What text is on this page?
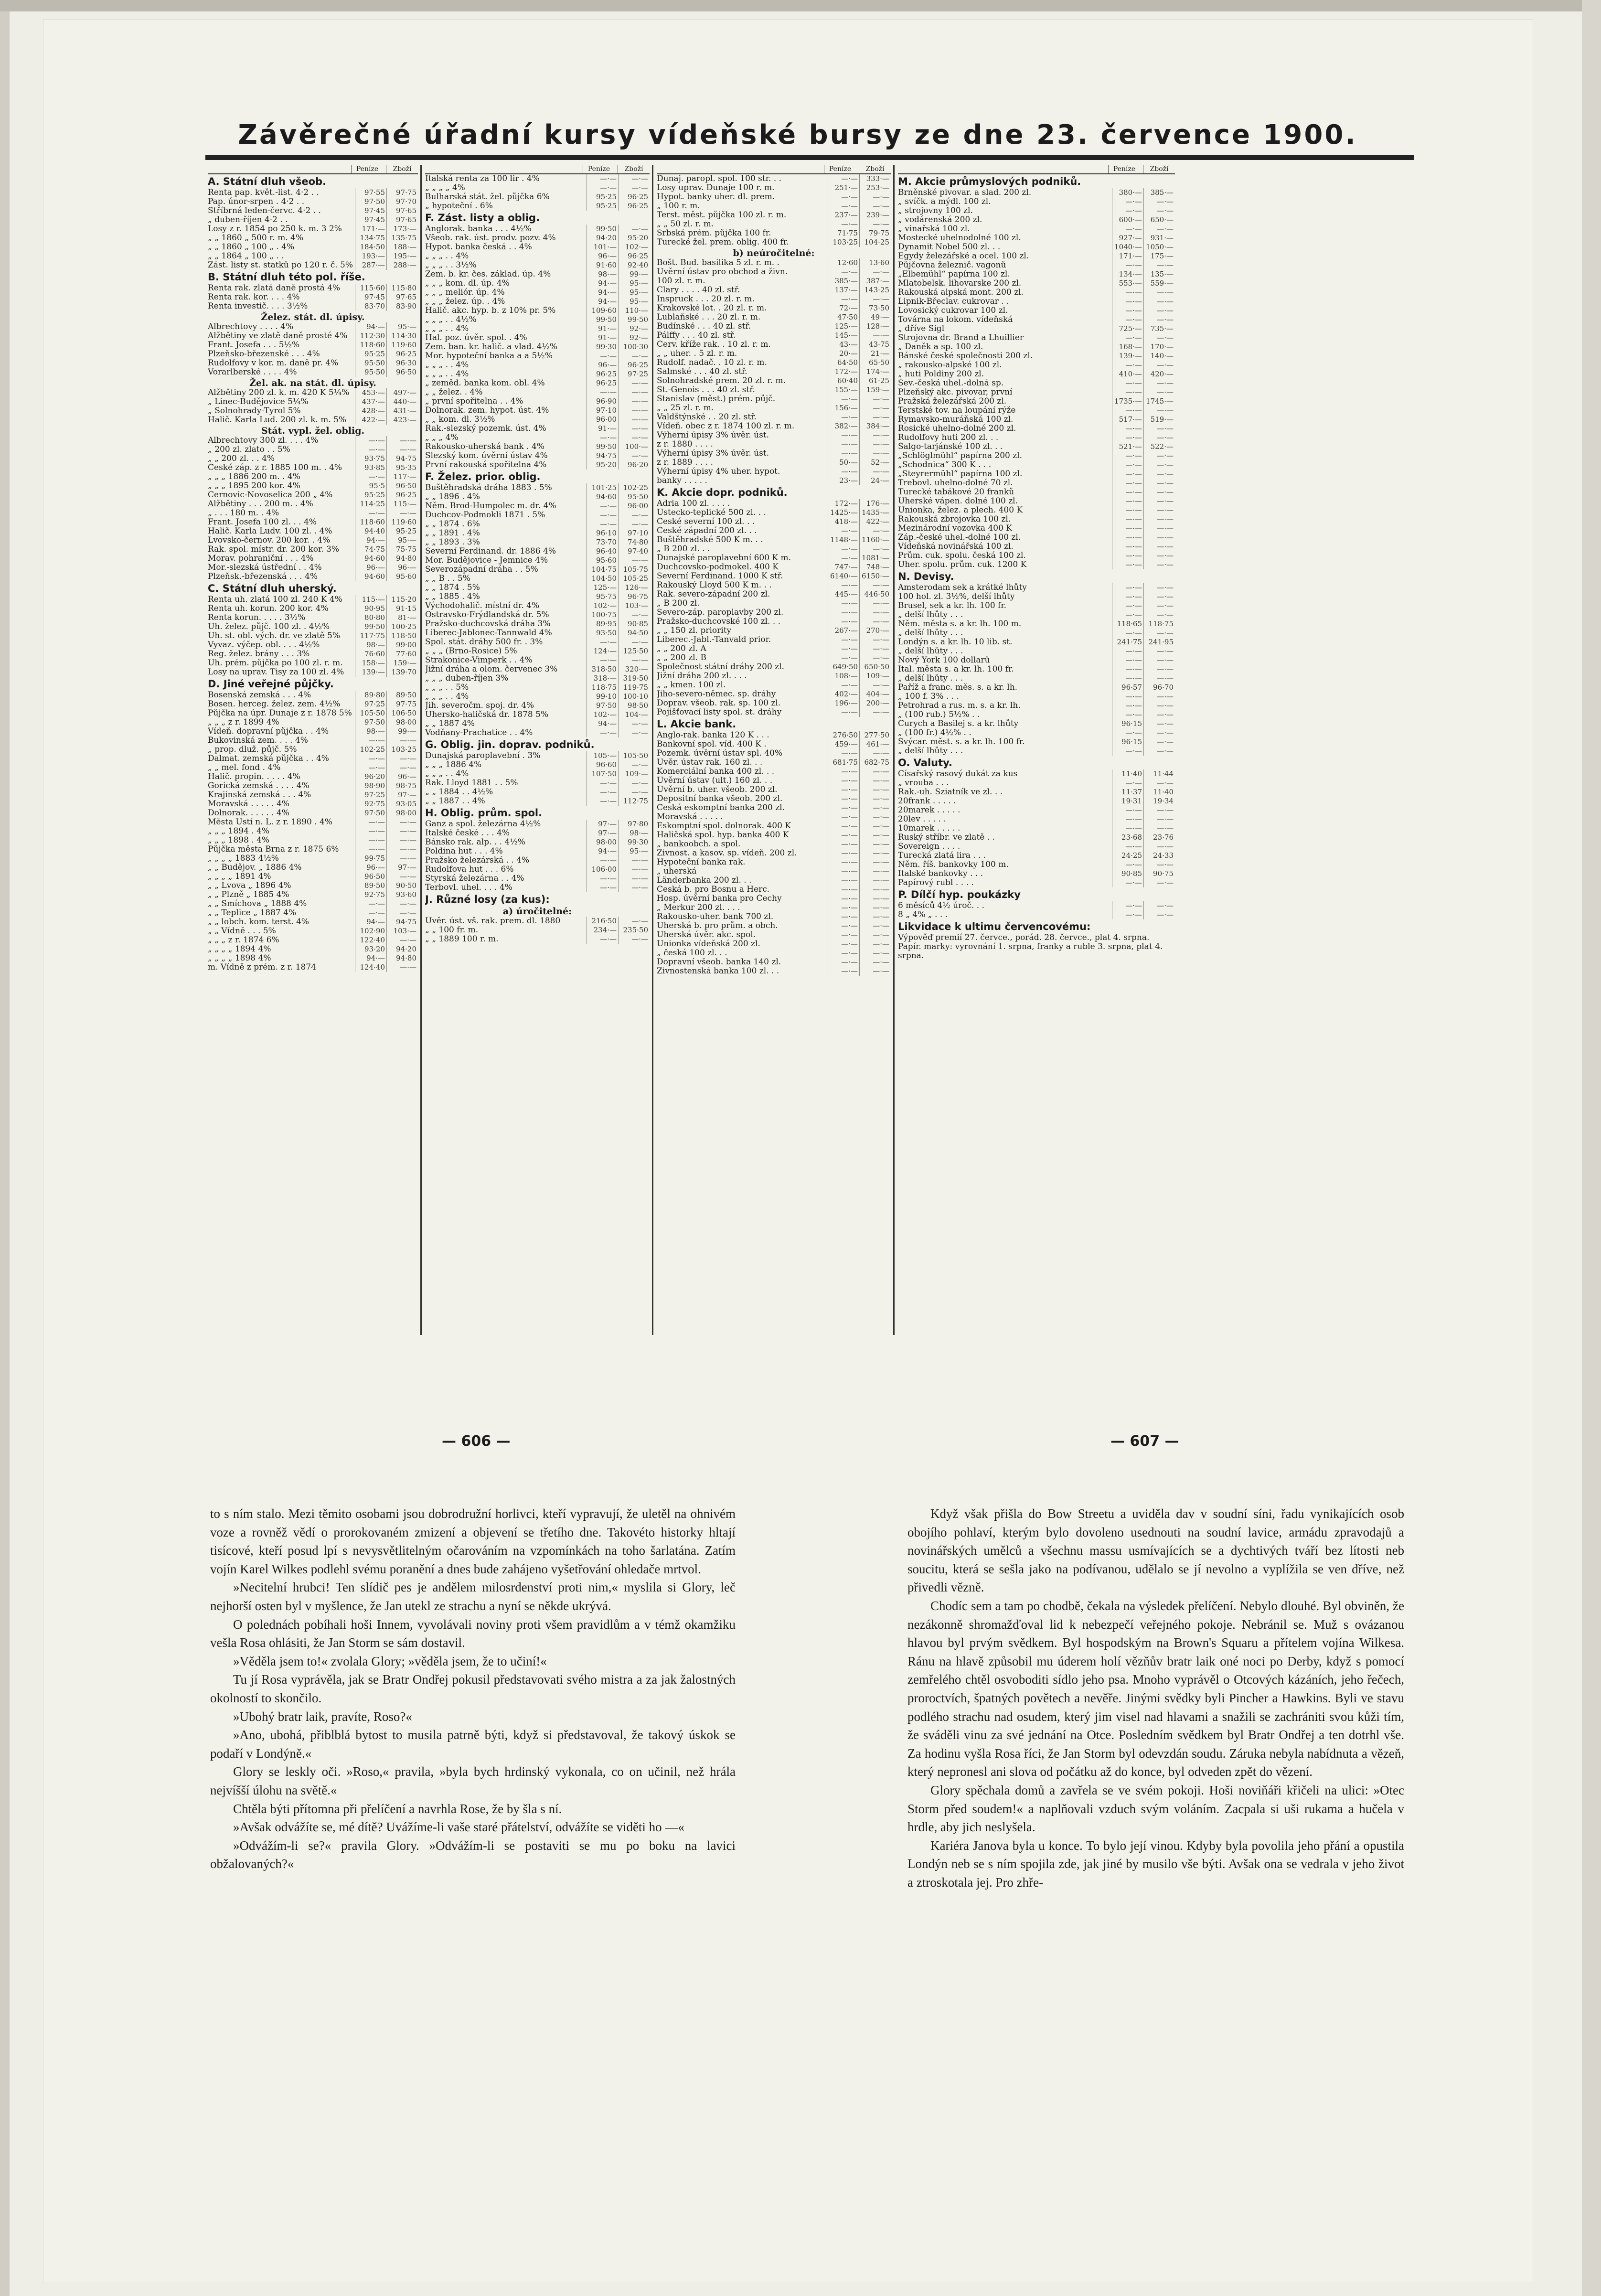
Závěrečné úřadní kursy vídeňské bursy ze dne 23. července 1900.
Peníze	Zboží
A. Státní dluh všeob.
Renta pap. květ.-list. 4·2 . .	97·55	97·75
Pap. únor-srpen . 4·2 . .	97·50	97·70
Stříbrná leden-červc. 4·2 . .	97·45	97·65
„ duben-říjen 4·2 . .	97·45	97·65
Losy z r. 1854 po 250 k. m. 3 2%	171·—	173·—
„ „ 1860 „ 500 r. m. 4%	134·75 135·75
„ „ 1860 „ 100 „ . 4%	184·50	188·—
„ „ 1864 „ 100 „ . .	193·—	195·—
Zást. listy st. statků po 120 r. č. 5%	287·—	288·—
B. Státní dluh této pol. říše.
Renta rak. zlatá daně prostá 4%	115·60 115·80
Renta rak. kor. . . . 4%	97·45	97·65
Renta investič. . . . 3½%	83·70	83·90
Želez. stát. dl. úpisy.
Albrechtovy . . . . 4%	94·—	95·—
Alžbětiny ve zlatě daně prosté 4%	112·30 114·30
Frant. Josefa . . . 5½%	118·60 119·60
Plzeňsko-březenské . . . 4%	95·25	96·25
Rudolfovy v kor. m. daně pr. 4%	95·50	96·30
Vorarlberské . . . . 4%	95·50	96·50
Žel. ak. na stát. dl. úpisy.
Alžbětiny 200 zl. k. m. 420 K 5¼%	453·—	497·—
„ Linec-Budějovice 5¼%	437·—	440·—
„ Solnohrady-Tyrol 5%	428·—	431·—
Halič. Karla Lud. 200 zl. k. m. 5%	422·—	423·—
Stát. vypl. žel. oblig.
Albrechtovy 300 zl. . . . 4%	—·—	—·—
„ 200 zl. zlato . . 5%	—·—	—·—
„ „ 200 zl. . . 4%	93·75	94·75
České záp. z r. 1885 100 m. . 4%	93·85	95·35
„ „ „ 1886 200 m. . 4%	—·—	117·—
„ „ „ 1895 200 kor. 4%	95·5	96·50
Černovic-Novoselica 200 „ 4%	95·25	96·25
Alžbětiny . . . 200 m. . 4%	114·25	115·—
„ . . . 180 m. . 4%	—·—	—·—
Frant. Josefa 100 zl. . . 4%	118·60 119·60
Halič. Karla Ludv. 100 zl. . 4%	94·40	95·25
Lvovsko-černov. 200 kor. . 4%	94·—	95·—
Rak. spol. místr. dr. 200 kor. 3%	74·75	75·75
Morav. pohraniční . . . 4%	94·60	94·80
Mor.-slezská ústřední . . 4%	96·—	96·—
Plzeňsk.-březenská . . . 4%	94·60	95·60
C. Státní dluh uherský.
Renta uh. zlatá 100 zl. 240 K 4%	115·— 115·20
Renta uh. korun. 200 kor. 4%	90·95	91·15
Renta korun. . . . . 3½%	80·80	81·—
Uh. želez. půjč. 100 zl. . 4½%	99·50 100·25
Uh. st. obl. vých. dr. ve zlatě 5%	117·75 118·50
Vyvaz. výčep. obl. . . . 4½%	98·—	99·00
Reg. želez. brány . . . 3%	76·60	77·60
Uh. prém. půjčka po 100 zl. r. m.	158·—	159·—
Losy na uprav. Tisy za 100 zl. 4%	139·— 139·70
D. Jiné veřejné půjčky.
Bosenská zemská . . . 4%	89·80	89·50
Bosen. herceg. želez. zem. 4½%	97·25	97·75
Půjčka na úpr. Dunaje z r. 1878 5%	105·50 106·50
„ „ „ z r. 1899 4%	97·50	98·00
Vídeň. dopravní půjčka . . 4%	98·—	99·—
Bukovinská zem. . . . 4%	—·—	—·—
„ prop. dluž. půjč. 5%	102·25 103·25
Dalmat. zemská půjčka . . 4%	—·—	—·—
„ „ mel. fond . 4%	—·—	—·—
Halič. propin. . . . . 4%	96·20	96·—
Gorická zemská . . . . 4%	98·90	98·75
Krajinská zemská . . . 4%	97·25	97·—
Moravská . . . . . 4%	92·75	93·05
Dolnorak. . . . . . 4%	97·50	98·00
Města Ústí n. L. z r. 1890 . 4%	—·—	—·—
„ „ „ 1894 . 4%	—·—	—·—
„ „ „ 1898 . 4%	—·—	—·—
Půjčka města Brna z r. 1875 6%	—·—	—·—
„ „ „ „ 1883 4½%	99·75	—·—
„ „ Budějov. „ 1886 4%	96·—	97·—
„ „ „ „ 1891 4%	96·50	—·—
„ „ Lvova „ 1896 4%	89·50	90·50
„ „ Plzně „ 1885 4%	92·75	93·60
„ „ Smíchova „ 1888 4%	—·—	—·—
„ „ Teplice „ 1887 4%	—·—	—·—
„ „ lobch. kom. terst. 4%	94·—	94·75
„ „ Vídně . . . 5%	102·90	103·—
„ „ „ z r. 1874 6%	122·40	—·—
„ „ „ „ 1894 4%	93·20	94·20
„ „ „ „ 1898 4%	94·—	94·80
m. Vídně z prém. z r. 1874	124·40	—·—
Peníze	Zboží
Italská renta za 100 lir . 4%	—·—	—·—
„ „ „ „ 4%	—·—	—·—
Bulharská stát. žel. půjčka 6%	95·25	96·25
„ hypoteční . 6%	95·25	96·25
F. Zást. listy a oblig.
Anglorak. banka . . . 4½%	99·50	—·—
Všeob. rak. úst. prodv. pozv. 4%	94·20	95·20
Hypot. banka česká . . 4%	101·—	102·—
„ „ „ . . 4%	96·—	96·25
„ „ „ . . 3½%	91·60	92·40
Zem. b. kr. čes. základ. úp. 4%	98·—	99·—
„ „ „ kom. dl. úp. 4%	94·—	95·—
„ „ „ meliór. úp. 4%	94·—	95·—
„ „ „ želez. úp. . 4%	94·—	95·—
Halič. akc. hyp. b. z 10% pr. 5%	109·60	110·—
„ „ „ . . 4½%	99·50	99·50
„ „ „ . . 4%	91·—	92·—
Hal. poz. úvěr. spol. . 4%	91·—	92·—
Zem. ban. kr. halič. a vlad. 4½%	99·30 100·30
Mor. hypoteční banka a a 5½%	—·—	—·—
„ „ „ . . 4%	96·—	96·25
„ „ „ . . 4%	96·25	97·25
„ zeměd. banka kom. obl. 4%	96·25	—·—
„ „ želez. . 4%	—·—	—·—
„ první spořitelna . . 4%	96·90	—·—
Dolnorak. zem. hypot. úst. 4%	97·10	—·—
„ „ kom. dl. 3½%	96·00	—·—
Rak.-slezský pozemk. úst. 4%	91·—	—·—
„ „ „ 4%	—·—	—·—
Rakousko-uherská bank . 4%	99·50	100·—
Slezský kom. úvěrní ústav 4%	94·75	—·—
První rakouská spořitelna 4%	95·20	96·20
F. Želez. prior. oblig.
Buštěhradská dráha 1883 . 5%	101·25 102·25
„ „ 1896 . 4%	94·60	95·50
Něm. Brod-Humpolec m. dr. 4%	—·—	96·00
Duchcov-Podmokli 1871 . 5%	—·—	—·—
„ „ 1874 . 6%	—·—	—·—
„ „ 1891 . 4%	96·10	97·10
„ „ 1893 . 3%	73·70	74·80
Severní Ferdinand. dr. 1886 4%	96·40	97·40
Mor. Budějovice - Jemnice 4%	95·60	—·—
Severozápadní dráha . . 5%	104·75 105·75
„ „ B . . 5%	104·50 105·25
„ „ 1874 . 5%	125·—	126·—
„ „ 1885 . 4%	95·75	96·75
Východohalič. místní dr. 4%	102·—	103·—
Ostravsko-Frýdlandská dr. 5%	100·75	—·—
Pražsko-duchcovská dráha 3%	89·95	90·85
Liberec-Jablonec-Tannwald 4%	93·50	94·50
Spol. stát. dráhy 500 fr. . 3%	—·—	—·—
„ „ „ (Brno-Rosice) 5%	124·— 125·50
Strakonice-Vimperk . . 4%	—·—	—·—
Jižní dráha a olom. červenec 3%	318·50	320·—
„ „ „ duben-říjen 3%	318·— 319·50
„ „ „ . . 5%	118·75 119·75
„ „ „ . . 4%	99·10 100·10
Jih. severočm. spoj. dr. 4%	97·50	98·50
Uhersko-haličská dr. 1878 5%	102·—	104·—
„ „ 1887 4%	94·—	—·—
Vodňany-Prachatice . . 4%	—·—	—·—
G. Oblig. jin. doprav. podniků.
Dunajská paroplavební . 3%	105·— 105·50
„ „ „ 1886 4%	96·60	—·—
„ „ „ . . 4%	107·50	109·—
Rak. Lloyd 1881 . . 5%	—·—	—·—
„ „ 1884 . . 4½%	—·—	—·—
„ „ 1887 . . 4%	—·— 112·75
H. Oblig. prům. spol.
Ganz a spol. železárna 4½%	97·—	97·80
Italské české . . . 4%	97·—	98·—
Bánsko rak. alp. . . 4½%	98·00	99·30
Poldina hut . . . 4%	94·—	95·—
Pražsko železárská . . 4%	—·—	—·—
Rudolfova hut . . . 6%	106·00	—·—
Styrská železárna . . 4%	—·—	—·—
Terbovl. uhel. . . . 4%	—·—	—·—
J. Různé losy (za kus):
a) úročitelné:
Úvěr. úst. vš. rak. prem. dl. 1880	216·50	—·—
„ „ 100 fr. m.	234·— 235·50
„ „ 1889 100 r. m.	—·—	—·—
Peníze	Zboží
Dunaj. paropl. spol. 100 str. . .	—·—	333·—
Losy uprav. Dunaje 100 r. m.	251·—	253·—
Hypot. banky uher. dl. prem.	—·—	—·—
„ 100 r. m.	—·—	—·—
Terst. měst. půjčka 100 zl. r. m.	237·—	239·—
„ „ 50 zl. r. m.	—·—	—·—
Srbská prém. půjčka 100 fr.	71·75	79·75
Turecké žel. prem. oblig. 400 fr.	103·25 104·25
b) neúročitelné:
Bošt. Bud. basilika 5 zl. r. m. .	12·60	13·60
Úvěrní ústav pro obchod a živn.	—·—	—·—
100 zl. r. m.	385·—	387·—
Clary . . . . 40 zl. stř.	137·— 143·25
Inspruck . . . 20 zl. r. m.	—·—	—·—
Krakovské lot. . 20 zl. r. m.	72·—	73·50
Lublaňské . . . 20 zl. r. m.	47·50	49·—
Budínské . . . 40 zl. stř.	125·—	128·—
Pálffy . . . 40 zl. stř.	145·—	—·—
Červ. kříže rak. . 10 zl. r. m.	43·—	43·75
„ „ uher. . 5 zl. r. m.	20·—	21·—
Rudolf. nadač. . 10 zl. r. m.	64·50	65·50
Salmské . . . 40 zl. stř.	172·—	174·—
Solnohradské prem. 20 zl. r. m.	60·40	61·25
St.-Genois . . . 40 zl. stř.	155·—	159·—
Stanislav (měst.) prém. půjč.	—·—	—·—
„ „ 25 zl. r. m.	156·—	—·—
Valdštýnské . . 20 zl. stř.	—·—	—·—
Vídeň. obec z r. 1874 100 zl. r. m.	382·—	384·—
Výherní úpisy 3% úvěr. úst.	—·—	—·—
z r. 1880 . . . .	—·—	—·—
Výherní úpisy 3% úvěr. úst.	—·—	—·—
z r. 1889 . . . .	50·—	52·—
Výherní úpisy 4% uher. hypot.	—·—	—·—
banky . . . . .	23·—	24·—
K. Akcie dopr. podniků.
Adria 100 zl. . . . .	172·—	176·—
Ústecko-teplické 500 zl. . .	1425·— 1435·—
České severní 100 zl. . .	418·—	422·—
České západní 200 zl. . .	—·—	—·—
Buštěhradské 500 K m. . .	1148·— 1160·—
„ B 200 zl. . .	—·—	—·—
Dunajské paroplavební 600 K m.	—·— 1081·—
Duchcovsko-podmokel. 400 K	747·—	748·—
Severní Ferdinand. 1000 K stř.	6140·— 6150·—
Rakouský Lloyd 500 K m. . .	—·—	—·—
Rak. severo-západní 200 zl.	445·— 446·50
„ B 200 zl.	—·—	—·—
Severo-záp. paroplavby 200 zl.	—·—	—·—
Pražsko-duchcovské 100 zl. . .	—·—	—·—
„ „ 150 zl. priority	267·—	270·—
Liberec.-Jabl.-Tanvald prior.	—·—	—·—
„ „ 200 zl. A	—·—	—·—
„ „ 200 zl. B	—·—	—·—
Společnost státní dráhy 200 zl.	649·50 650·50
Jižní dráha 200 zl. . . .	108·—	109·—
„ „ kmen. 100 zl.	—·—	—·—
Jiho-severo-němec. sp. dráhy	402·—	404·—
Doprav. všeob. rak. sp. 100 zl.	196·—	200·—
Pojišťovací listy spol. st. dráhy	—·—	—·—
L. Akcie bank.
Anglo-rak. banka 120 K . . .	276·50 277·50
Bankovní spol. víd. 400 K .	459·—	461·—
Pozemk. úvěrní ústav spl. 40%	—·—	—·—
Úvěr. ústav rak. 160 zl. . .	681·75 682·75
Komerciální banka 400 zl. . .	—·—	—·—
Úvěrní ústav (ult.) 160 zl. . .	—·—	—·—
Úvěrní b. uher. všeob. 200 zl.	—·—	—·—
Depositní banka všeob. 200 zl.	—·—	—·—
Česká eskomptní banka 200 zl.	—·—	—·—
Moravská . . . . .	—·—	—·—
Eskomptní spol. dolnorak. 400 K	—·—	—·—
Haličská spol. hyp. banka 400 K	—·—	—·—
„ bankoobch. a spol.	—·—	—·—
Živnost. a kasov. sp. vídeň. 200 zl.	—·—	—·—
Hypoteční banka rak.	—·—	—·—
„ uherská	—·—	—·—
Länderbanka 200 zl. . .	—·—	—·—
Česká b. pro Bosnu a Herc.	—·—	—·—
Hosp. úvěrní banka pro Čechy	—·—	—·—
„ Merkur 200 zl. . . .	—·—	—·—
Rakousko-uher. bank 700 zl.	—·—	—·—
Uherská b. pro prům. a obch.	—·—	—·—
Uherská úvěr. akc. spol.	—·—	—·—
Unionka vídeňská 200 zl.	—·—	—·—
„ česká 100 zl. . .	—·—	—·—
Dopravní všeob. banka 140 zl.	—·—	—·—
Živnostenská banka 100 zl. . .	—·—	—·—
Peníze	Zboží
M. Akcie průmyslových podniků.
Brněnské pivovar. a slad. 200 zl.	380·—	385·—
„ svíčk. a mýdl. 100 zl.	—·—	—·—
„ strojovny 100 zl.	—·—	—·—
„ vodárenská 200 zl.	600·—	650·—
„ vinařská 100 zl.	—·—	—·—
Mostecké uhelnodolné 100 zl.	927·—	931·—
Dynamit Nobel 500 zl. . .	1040·— 1050·—
Egydy železářské a ocel. 100 zl.	171·—	175·—
Půjčovna železnič. vagonů	—·—	—·—
„Elbemühl“ papírna 100 zl.	134·—	135·—
Mlatobelsk. lihovarske 200 zl.	553·—	559·—
Rakouská alpská mont. 200 zl.	—·—	—·—
Lipnik-Břeclav. cukrovar . .	—·—	—·—
Lovosický cukrovar 100 zl.	—·—	—·—
Továrna na lokom. vídeňská	—·—	—·—
„ dříve Sigl	725·—	735·—
Strojovna dr. Brand a Lhuillier	—·—	—·—
„ Daněk a sp. 100 zl.	168·—	170·—
Bánské české společnosti 200 zl.	139·—	140·—
„ rakousko-alpské 100 zl.	—·—	—·—
„ huti Poldiny 200 zl.	410·—	420·—
Sev.-česká uhel.-dolná sp.	—·—	—·—
Plzeňský akc. pivovar, první	—·—	—·—
Pražská železářská 200 zl.	1735·— 1745·—
Terstské tov. na loupání rýže	—·—	—·—
Rymavsko-muráňská 100 zl.	517·—	519·—
Rosické uhelno-dolné 200 zl.	—·—	—·—
Rudolfovy huti 200 zl. . .	—·—	—·—
Šalgo-tarjánské 100 zl. . .	521·—	522·—
„Schlöglmühl“ papírna 200 zl.	—·—	—·—
„Schodnica“ 300 K . . .	—·—	—·—
„Steyrermühl“ papírna 100 zl.	—·—	—·—
Trebovl. uhelno-dolné 70 zl.	—·—	—·—
Turecké tabákové 20 franků	—·—	—·—
Uherské vápen. dolné 100 zl.	—·—	—·—
Unionka, želez. a plech. 400 K	—·—	—·—
Rakouská zbrojovka 100 zl.	—·—	—·—
Mezinárodní vozovka 400 K	—·—	—·—
Záp.-české uhel.-dolné 100 zl.	—·—	—·—
Vídeňská novinářská 100 zl.	—·—	—·—
Prům. cuk. spolu. česká 100 zl.	—·—	—·—
Uher. spolu. prům. cuk. 1200 K	—·—	—·—
N. Devisy.
Amsterodam sek a krátké lhůty	—·—	—·—
100 hol. zl. 3½%, delší lhůty	—·—	—·—
Brusel, sek a kr. lh. 100 fr.	—·—	—·—
„ delší lhůty . . .	—·—	—·—
Něm. města s. a kr. lh. 100 m.	118·65 118·75
„ delší lhůty . . .	—·—	—·—
Londýn s. a kr. lh. 10 lib. st.	241·75 241·95
„ delší lhůty . . .	—·—	—·—
Nový York 100 dollarů	—·—	—·—
Ital. města s. a kr. lh. 100 fr.	—·—	—·—
„ delší lhůty . . .	—·—	—·—
Paříž a franc. měs. s. a kr. lh.	96·57	96·70
„ 100 f. 3% . . .	—·—	—·—
Petrohrad a rus. m. s. a kr. lh.	—·—	—·—
„ (100 rub.) 5½% . .	—·—	—·—
Curych a Basilej s. a kr. lhůty	96·15	—·—
„ (100 fr.) 4½% . .	—·—	—·—
Švýcar. měst. s. a kr. lh. 100 fr.	96·15	—·—
„ delší lhůty . . .	—·—	—·—
O. Valuty.
Císařský rasový dukát za kus	11·40	11·44
„ vrouba . . .	—·—	—·—
Rak.-uh. Sziatník ve zl. . .	11·37	11·40
20frank . . . . .	19·31	19·34
20marek . . . . .	—·—	—·—
20lev . . . . .	—·—	—·—
10marek . . . . .	—·—	—·—
Ruský stříbr. ve zlatě . .	23·68	23·76
Sovereign . . . .	—·—	—·—
Turecká zlatá lira . . .	24·25	24·33
Něm. říš. bankovky 100 m.	—·—	—·—
Italské bankovky . . .	90·85	90·75
Papírový rubl . . . .	—·—	—·—
P. Dílčí hyp. poukázky
6 měsíců 4½ úroč. . .	—·—	—·—
8 „ 4% „ . . .	—·—	—·—
Likvidace k ultimu červencovému:
Výpověď premií 27. červce., porád. 28. červce., plat 4. srpna.
Papír. marky: vyrovnání 1. srpna, franky a ruble 3. srpna, plat 4. srpna.
— 606 —	— 607 —

to s ním stalo. Mezi těmito osobami jsou dobrodružní horlivci, kteří vypravují, že uletěl na ohnivém voze a rovněž vědí o prorokovaném zmizení a objevení se třetího dne. Takovéto historky hltají tisícové, kteří posud lpí s nevysvětlitelným očarováním na vzpomínkách na toho šarlatána. Zatím vojín Karel Wilkes podlehl svému poranění a dnes bude zahájeno vyšetřování ohledače mrtvol.

»Necitelní hrubci! Ten slídič pes je andělem milosrdenství proti nim,« myslila si Glory, leč nejhorší osten byl v myšlence, že Jan utekl ze strachu a nyní se někde ukrývá.

O polednách pobíhali hoši Innem, vyvolávali noviny proti všem pravidlům a v témž okamžiku vešla Rosa ohlásiti, že Jan Storm se sám dostavil.

»Věděla jsem to!« zvolala Glory; »věděla jsem, že to učiní!«

Tu jí Rosa vyprávěla, jak se Bratr Ondřej pokusil představovati svého mistra a za jak žalostných okolností to skončilo.

»Ubohý bratr laik, pravíte, Roso?«

»Ano, ubohá, přiblblá bytost to musila patrně býti, když si představoval, že takový úskok se podaří v Londýně.«

Glory se leskly oči. »Roso,« pravila, »byla bych hrdinský vykonala, co on učinil, než hrála nejvíšší úlohu na světě.«

Chtěla býti přítomna při přelíčení a navrhla Rose, že by šla s ní.

»Avšak odvážíte se, mé dítě? Uvážíme-li vaše staré přátelství, odvážíte se viděti ho —«

»Odvážím-li se?« pravila Glory. »Odvážím-li se postaviti se mu po boku na lavici obžalovaných?«

Když však přišla do Bow Streetu a uviděla dav v soudní síni, řadu vynikajících osob obojího pohlaví, kterým bylo dovoleno usednouti na soudní lavice, armádu zpravodajů a novinářských umělců a všechnu massu usmívajících se a dychtivých tváří bez lítosti neb soucitu, která se sešla jako na podívanou, udělalo se jí nevolno a vyplížila se ven dříve, než přivedli vězně.

Chodíc sem a tam po chodbě, čekala na výsledek přelíčení. Nebylo dlouhé. Byl obviněn, že nezákonně shromažďoval lid k nebezpečí veřejného pokoje. Nebránil se. Muž s ovázanou hlavou byl prvým svědkem. Byl hospodským na Brown's Squaru a přítelem vojína Wilkesa. Ránu na hlavě způsobil mu úderem holí vězňův bratr laik oné noci po Derby, když s pomocí zemřelého chtěl osvoboditi sídlo jeho psa. Mnoho vyprávěl o Otcových kázáních, jeho řečech, proroctvích, špatných povětech a nevěře. Jinými svědky byli Pincher a Hawkins. Byli ve stavu podlého strachu nad osudem, který jim visel nad hlavami a snažili se zachrániti svou kůži tím, že sváděli vinu za své jednání na Otce. Posledním svědkem byl Bratr Ondřej a ten dotrhl vše. Za hodinu vyšla Rosa říci, že Jan Storm byl odevzdán soudu. Záruka nebyla nabídnuta a vězeň, který nepronesl ani slova od počátku až do konce, byl odveden zpět do vězení.

Glory spěchala domů a zavřela se ve svém pokoji. Hoši noviňáři křičeli na ulici: »Otec Storm před soudem!« a naplňovali vzduch svým voláním. Zacpala si uši rukama a hučela v hrdle, aby jich neslyšela.

Kariéra Janova byla u konce. To bylo její vinou. Kdyby byla povolila jeho přání a opustila Londýn neb se s ním spojila zde, jak jiné by musilo vše býti. Avšak ona se vedrala v jeho život a ztroskotala jej. Pro zhře-
